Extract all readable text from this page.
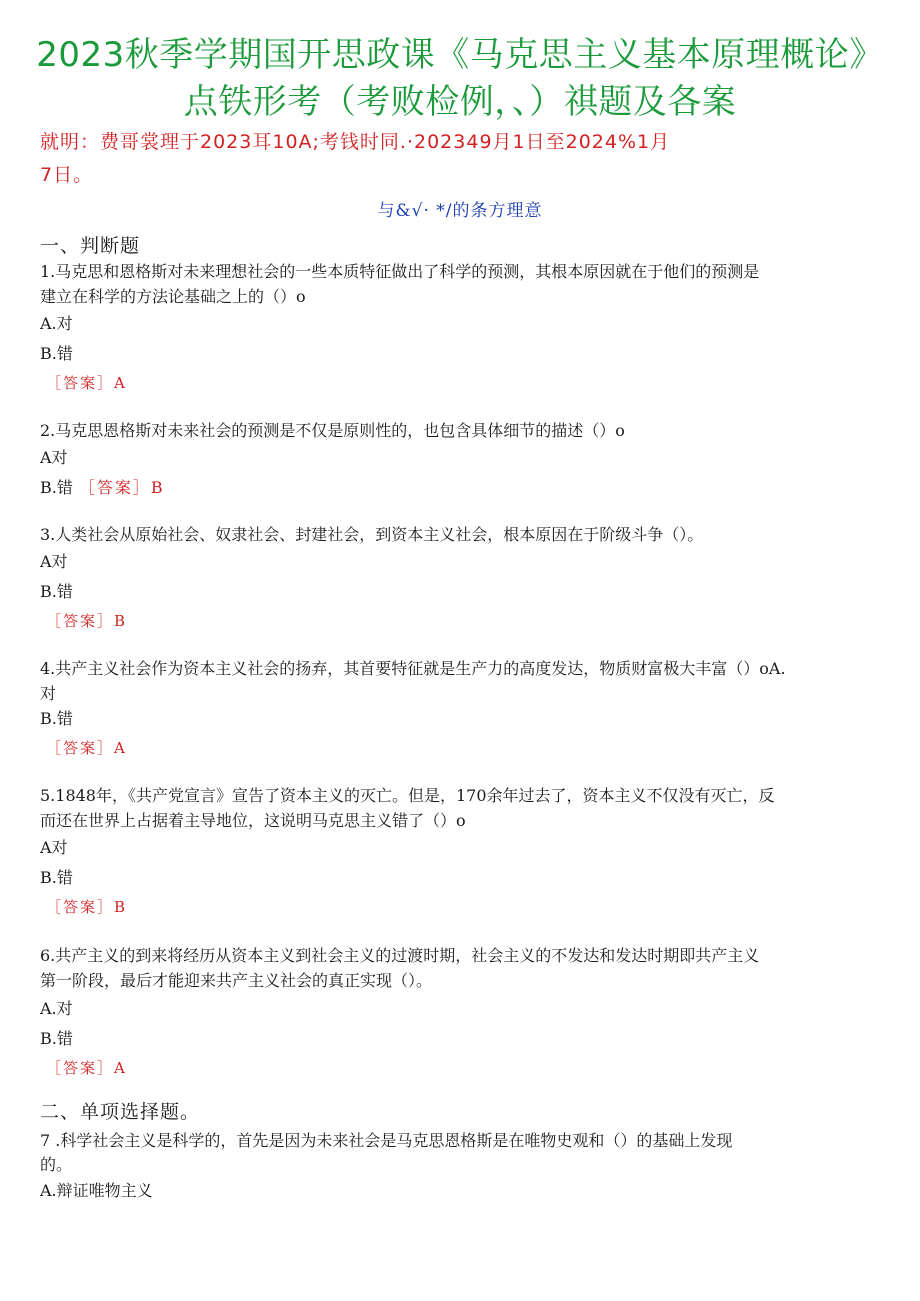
2023秋季学期国开思政课《马克思主义基本原理概论》
点铁形考（考败检例，、）祺题及各案
就明：费哥裳理于2023耳10A;考钱时同.·202349月1日至2024%1月
7日。
与&√· */的条方理意
一、判断题
1.马克思和恩格斯对未来理想社会的一些本质特征做出了科学的预测，其根本原因就在于他们的预测是
建立在科学的方法论基础之上的（）o
A.对
B.错
［答案］A
2.马克思恩格斯对未来社会的预测是不仅是原则性的，也包含具体细节的描述（）o
A对
B.错 ［答案］B
3.人类社会从原始社会、奴隶社会、封建社会，到资本主义社会，根本原因在于阶级斗争（）。
A对
B.错
［答案］B
4.共产主义社会作为资本主义社会的扬弃，其首要特征就是生产力的高度发达，物质财富极大丰富（）oA.
对
B.错
［答案］A
5.1848年，《共产党宣言》宣告了资本主义的灭亡。但是，170余年过去了，资本主义不仅没有灭亡，反
而还在世界上占据着主导地位，这说明马克思主义错了（）o
A对
B.错
［答案］B
6.共产主义的到来将经历从资本主义到社会主义的过渡时期，社会主义的不发达和发达时期即共产主义
第一阶段，最后才能迎来共产主义社会的真正实现（）。
A.对
B.错
［答案］A
二、单项选择题。
7 .科学社会主义是科学的，首先是因为未来社会是马克思恩格斯是在唯物史观和（）的基础上发现
的。
A.辩证唯物主义
